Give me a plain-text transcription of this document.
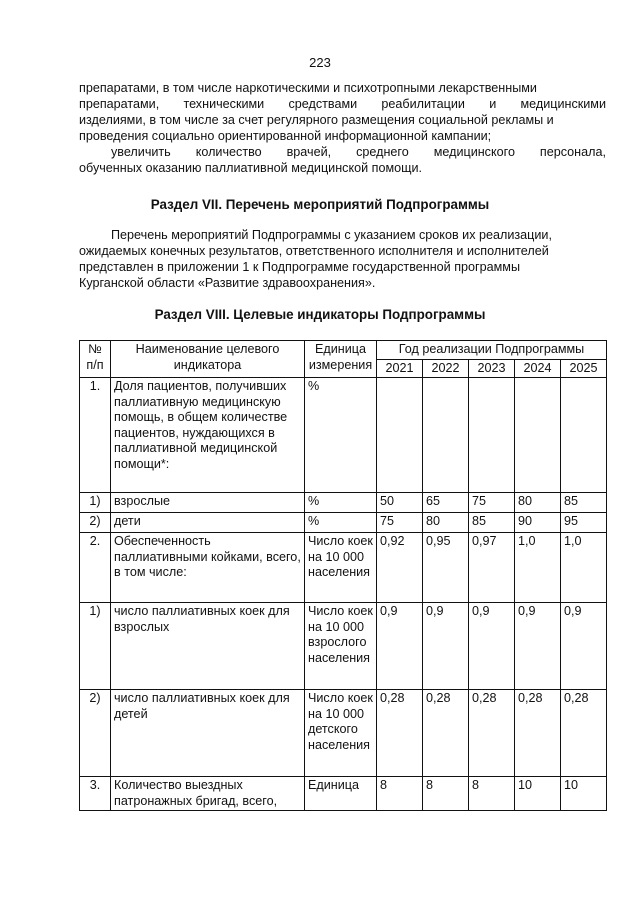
223
препаратами, в том числе наркотическими и психотропными лекарственными
препаратами, техническими средствами реабилитации и медицинскими
изделиями, в том числе за счет регулярного размещения социальной рекламы и
проведения социально ориентированной информационной кампании;
увеличить количество врачей, среднего медицинского персонала,
обученных оказанию паллиативной медицинской помощи.
Раздел VII. Перечень мероприятий Подпрограммы
Перечень мероприятий Подпрограммы с указанием сроков их реализации,
ожидаемых конечных результатов, ответственного исполнителя и исполнителей
представлен в приложении 1 к Подпрограмме государственной программы
Курганской области «Развитие здравоохранения».
Раздел VIII. Целевые индикаторы Подпрограммы
№ п/п	Наименование целевого индикатора	Единица измерения	Год реализации Подпрограммы				
			2021	2022	2023	2024	2025
1.	Доля пациентов, получивших паллиативную медицинскую помощь, в общем количестве пациентов, нуждающихся в паллиативной медицинской помощи*:	%					
1)	взрослые	%	50	65	75	80	85
2)	дети	%	75	80	85	90	95
2.	Обеспеченность паллиативными койками, всего, в том числе:	Число коек на 10 000 населения	0,92	0,95	0,97	1,0	1,0
1)	число паллиативных коек для взрослых	Число коек на 10 000 взрослого населения	0,9	0,9	0,9	0,9	0,9
2)	число паллиативных коек для детей	Число коек на 10 000 детского населения	0,28	0,28	0,28	0,28	0,28
3.	Количество выездных патронажных бригад, всего,	Единица	8	8	8	10	10
